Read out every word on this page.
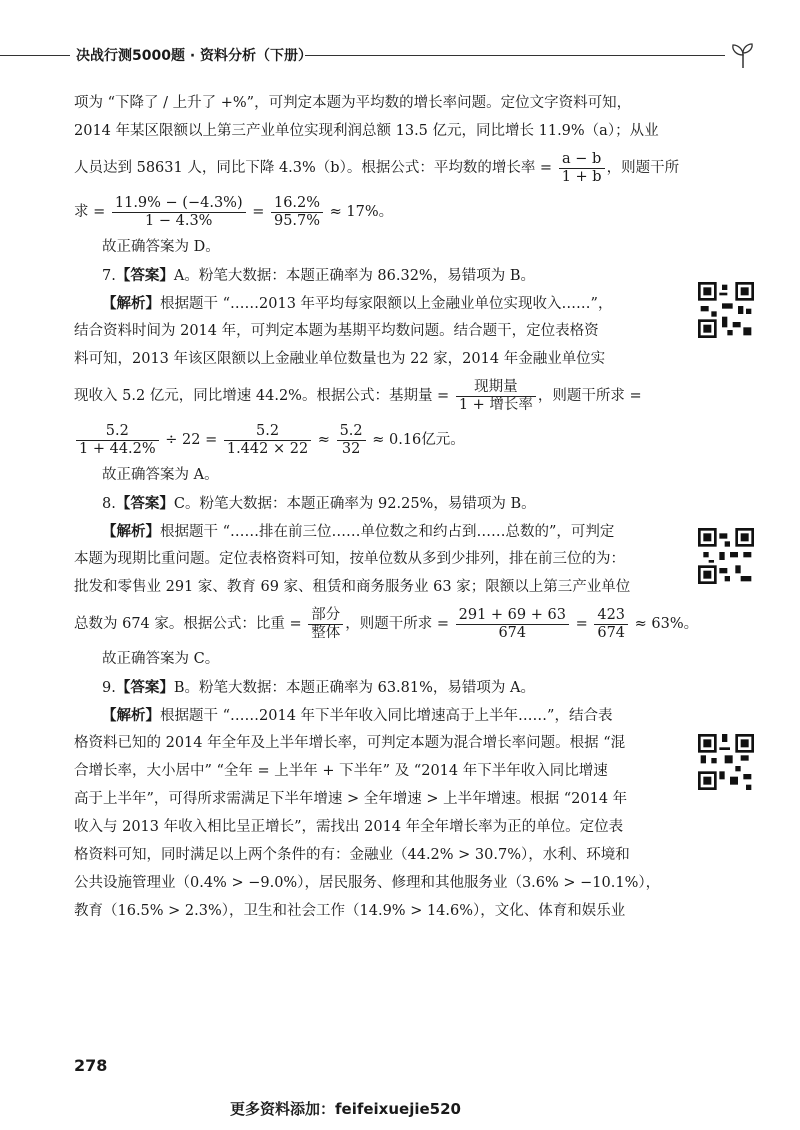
决战行测5000题 · 资料分析（下册）
项为 “下降了 / 上升了 +%”，可判定本题为平均数的增长率问题。定位文字资料可知，
2014 年某区限额以上第三产业单位实现利润总额 13.5 亿元，同比增长 11.9%（a）；从业
人员达到 58631 人，同比下降 4.3%（b）。根据公式：平均数的增长率 = $\frac{a - b}{1 + b}$ ，则题干所
求 = $\frac{11.9\% - (-4.3\%)}{1 - 4.3\%} = \frac{16.2\%}{95.7\%} \approx 17\%$。
故正确答案为 D。
7.【答案】A。粉笔大数据：本题正确率为 86.32%，易错项为 B。
【解析】根据题干 “……2013 年平均每家限额以上金融业单位实现收入……”，
结合资料时间为 2014 年，可判定本题为基期平均数问题。结合题干，定位表格资
料可知，2013 年该区限额以上金融业单位数量也为 22 家，2014 年金融业单位实
现收入 5.2 亿元，同比增速 44.2%。根据公式：基期量 = $\frac{\text{现期量}}{\text{1 + 增长率}}$ ，则题干所求 =
$\frac{5.2}{1 + 44.2\%} \div 22 = \frac{5.2}{1.442 \times 22} \approx \frac{5.2}{32} \approx 0.16$亿元。
故正确答案为 A。
8.【答案】C。粉笔大数据：本题正确率为 92.25%，易错项为 B。
【解析】根据题干 “……排在前三位……单位数之和约占到……总数的”，可判定
本题为现期比重问题。定位表格资料可知，按单位数从多到少排列，排在前三位的为：
批发和零售业 291 家、教育 69 家、租赁和商务服务业 63 家；限额以上第三产业单位
总数为 674 家。根据公式：比重 = $\frac{\text{部分}}{\text{整体}}$ ，则题干所求 = $\frac{291 + 69 + 63}{674} = \frac{423}{674} \approx 63\%$。
故正确答案为 C。
9.【答案】B。粉笔大数据：本题正确率为 63.81%，易错项为 A。
【解析】根据题干 “……2014 年下半年收入同比增速高于上半年……”，结合表
格资料已知的 2014 年全年及上半年增长率，可判定本题为混合增长率问题。根据 “混
合增长率，大小居中” “全年 = 上半年 + 下半年” 及 “2014 年下半年收入同比增速
高于上半年”，可得所求需满足下半年增速 > 全年增速 > 上半年增速。根据 “2014 年
收入与 2013 年收入相比呈正增长”，需找出 2014 年全年增长率为正的单位。定位表
格资料可知，同时满足以上两个条件的有：金融业（44.2% > 30.7%），水利、环境和
公共设施管理业（0.4% > −9.0%），居民服务、修理和其他服务业（3.6% > −10.1%），
教育（16.5% > 2.3%），卫生和社会工作（14.9% > 14.6%），文化、体育和娱乐业
278
更多资料添加：feifeixuejie520
